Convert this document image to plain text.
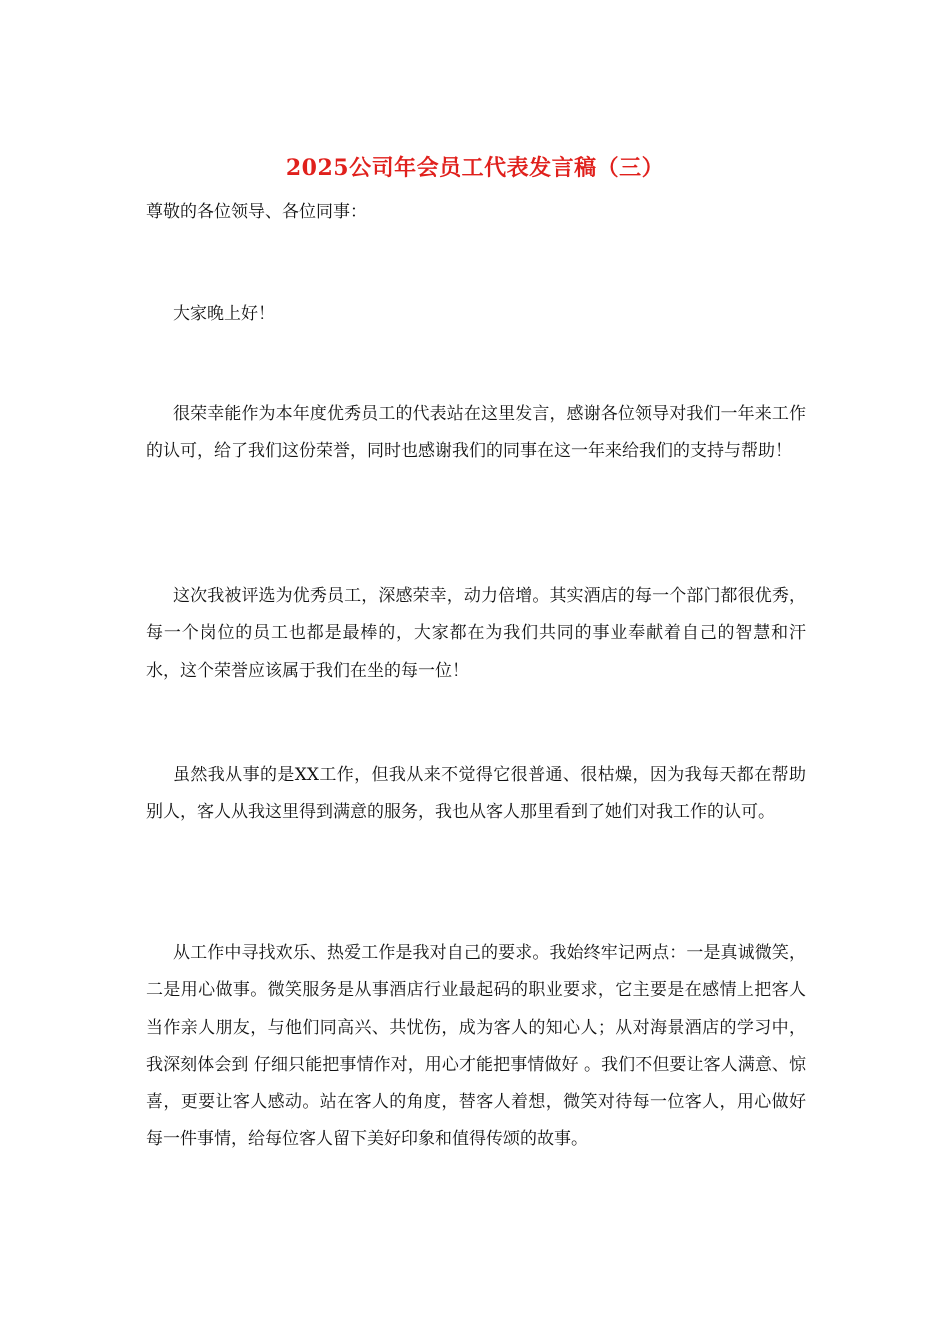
2025公司年会员工代表发言稿（三）
尊敬的各位领导、各位同事：
大家晚上好！
很荣幸能作为本年度优秀员工的代表站在这里发言，感谢各位领导对我们一年来工作的认可，给了我们这份荣誉，同时也感谢我们的同事在这一年来给我们的支持与帮助！
这次我被评选为优秀员工，深感荣幸，动力倍增。其实酒店的每一个部门都很优秀，每一个岗位的员工也都是最棒的，大家都在为我们共同的事业奉献着自己的智慧和汗水，这个荣誉应该属于我们在坐的每一位！
虽然我从事的是XX工作，但我从来不觉得它很普通、很枯燥，因为我每天都在帮助别人，客人从我这里得到满意的服务，我也从客人那里看到了她们对我工作的认可。
从工作中寻找欢乐、热爱工作是我对自己的要求。我始终牢记两点：一是真诚微笑，二是用心做事。微笑服务是从事酒店行业最起码的职业要求，它主要是在感情上把客人当作亲人朋友，与他们同高兴、共忧伤，成为客人的知心人；从对海景酒店的学习中，我深刻体会到 仔细只能把事情作对，用心才能把事情做好 。我们不但要让客人满意、惊喜，更要让客人感动。站在客人的角度，替客人着想，微笑对待每一位客人，用心做好每一件事情，给每位客人留下美好印象和值得传颂的故事。
